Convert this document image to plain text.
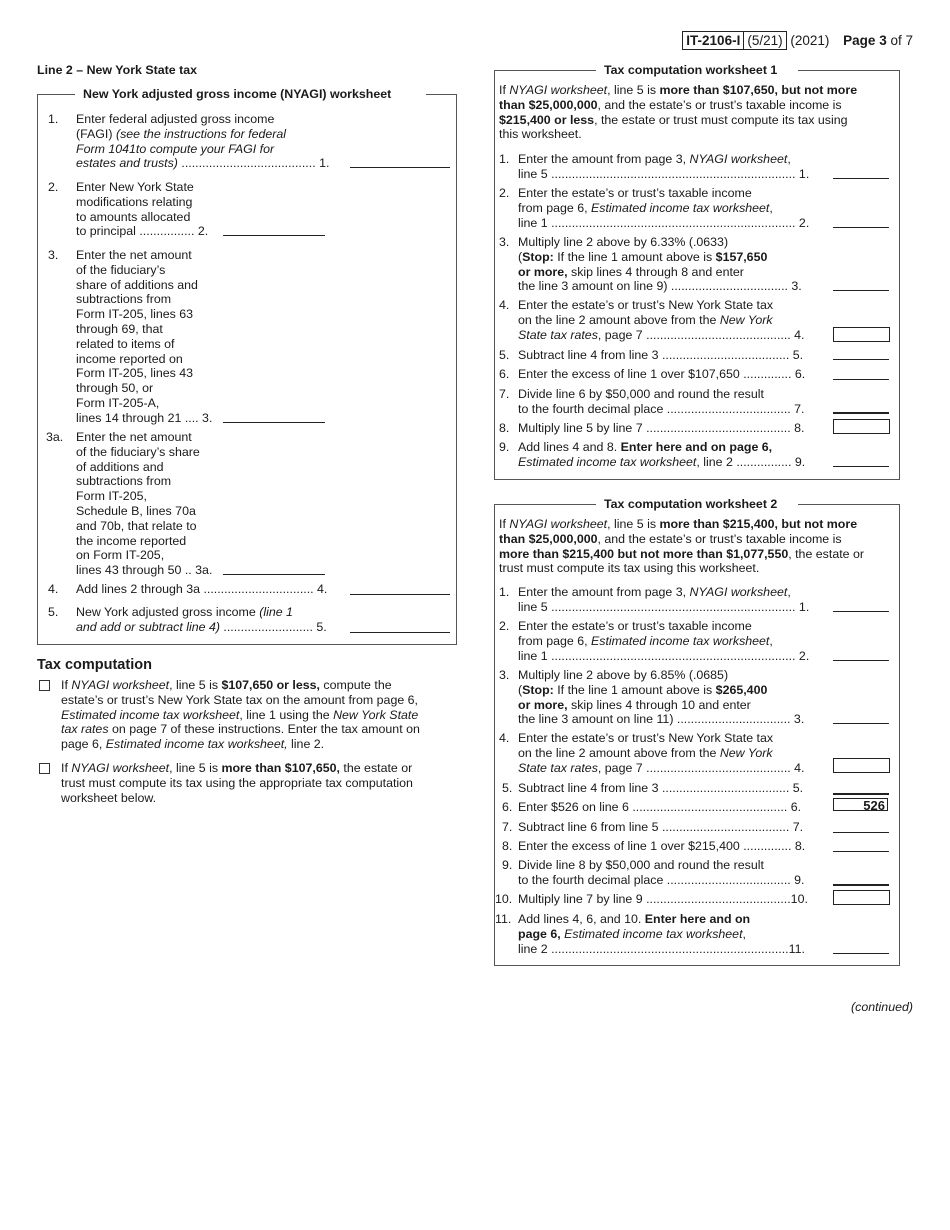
IT-2106-I (5/21) (2021) Page 3 of 7
Line 2 – New York State tax
New York adjusted gross income (NYAGI) worksheet
1. Enter federal adjusted gross income
(FAGI) (see the instructions for federal
Form 1041to compute your FAGI for
estates and trusts) ....................................... 1.
2. Enter New York State
modifications relating
to amounts allocated
to principal ................ 2.
3. Enter the net amount
of the fiduciary’s
share of additions and
subtractions from
Form IT-205, lines 63
through 69, that
related to items of
income reported on
Form IT-205, lines 43
through 50, or
Form IT-205-A,
lines 14 through 21 .... 3.
3a. Enter the net amount
of the fiduciary’s share
of additions and
subtractions from
Form IT-205,
Schedule B, lines 70a
and 70b, that relate to
the income reported
on Form IT-205,
lines 43 through 50 .. 3a.
4. Add lines 2 through 3a ................................ 4.
5. New York adjusted gross income (line 1
and add or subtract line 4) .......................... 5.
Tax computation
If NYAGI worksheet, line 5 is $107,650 or less, compute the
estate’s or trust’s New York State tax on the amount from page 6,
Estimated income tax worksheet, line 1 using the New York State
tax rates on page 7 of these instructions. Enter the tax amount on
page 6, Estimated income tax worksheet, line 2.
If NYAGI worksheet, line 5 is more than $107,650, the estate or
trust must compute its tax using the appropriate tax computation
worksheet below.
Tax computation worksheet 1
If NYAGI worksheet, line 5 is more than $107,650, but not more
than $25,000,000, and the estate’s or trust’s taxable income is
$215,400 or less, the estate or trust must compute its tax using
this worksheet.
1. Enter the amount from page 3, NYAGI worksheet,
line 5 ....................................................................... 1.
2. Enter the estate’s or trust’s taxable income
from page 6, Estimated income tax worksheet,
line 1 ....................................................................... 2.
3. Multiply line 2 above by 6.33% (.0633)
(Stop: If the line 1 amount above is $157,650
or more, skip lines 4 through 8 and enter
the line 3 amount on line 9) .................................. 3.
4. Enter the estate’s or trust’s New York State tax
on the line 2 amount above from the New York
State tax rates, page 7 .......................................... 4.
5. Subtract line 4 from line 3 ..................................... 5.
6. Enter the excess of line 1 over $107,650 .............. 6.
7. Divide line 6 by $50,000 and round the result
to the fourth decimal place .................................... 7.
8. Multiply line 5 by line 7 .......................................... 8.
9. Add lines 4 and 8. Enter here and on page 6,
Estimated income tax worksheet, line 2 ................ 9.
Tax computation worksheet 2
If NYAGI worksheet, line 5 is more than $215,400, but not more
than $25,000,000, and the estate’s or trust’s taxable income is
more than $215,400 but not more than $1,077,550, the estate or
trust must compute its tax using this worksheet.
1. Enter the amount from page 3, NYAGI worksheet,
line 5 ....................................................................... 1.
2. Enter the estate’s or trust’s taxable income
from page 6, Estimated income tax worksheet,
line 1 ....................................................................... 2.
3. Multiply line 2 above by 6.85% (.0685)
(Stop: If the line 1 amount above is $265,400
or more, skip lines 4 through 10 and enter
the line 3 amount on line 11) ................................. 3.
4. Enter the estate’s or trust’s New York State tax
on the line 2 amount above from the New York
State tax rates, page 7 .......................................... 4.
5. Subtract line 4 from line 3 ..................................... 5.
6. Enter $526 on line 6 ............................................. 6.	526
7. Subtract line 6 from line 5 ..................................... 7.
8. Enter the excess of line 1 over $215,400 .............. 8.
9. Divide line 8 by $50,000 and round the result
to the fourth decimal place .................................... 9.
10. Multiply line 7 by line 9 ..........................................10.
11. Add lines 4, 6, and 10. Enter here and on
page 6, Estimated income tax worksheet,
line 2 .....................................................................11.
(continued)
